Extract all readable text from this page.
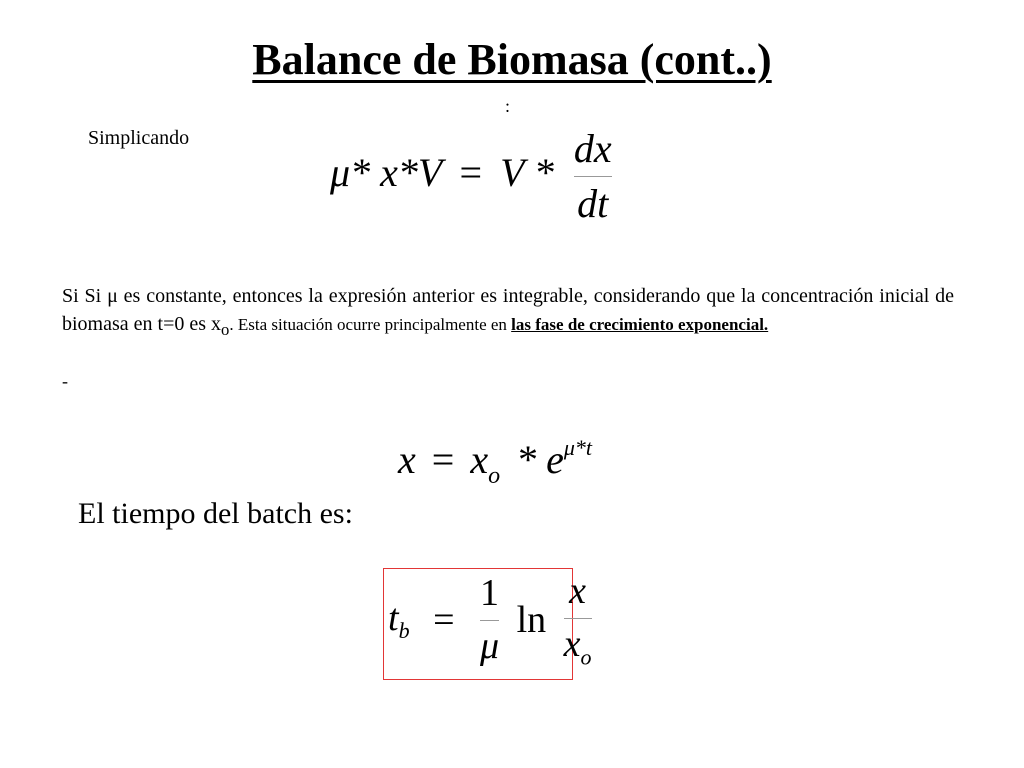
Balance de Biomasa (cont..)
:
Simplicando
μ* $x*V = V * \frac{dx}{dt}$
Si Si μ es constante, entonces la expresión anterior es integrable, considerando que la concentración inicial de biomasa en t=0 es $x_o$. Esta situación ocurre principalmente en las fase de crecimiento exponencial.
-
$x = x_o * e^{\mu*t}$
El tiempo del batch es:
$t_b = \frac{1}{\mu}$ $\ln \frac{x}{x_o}$
